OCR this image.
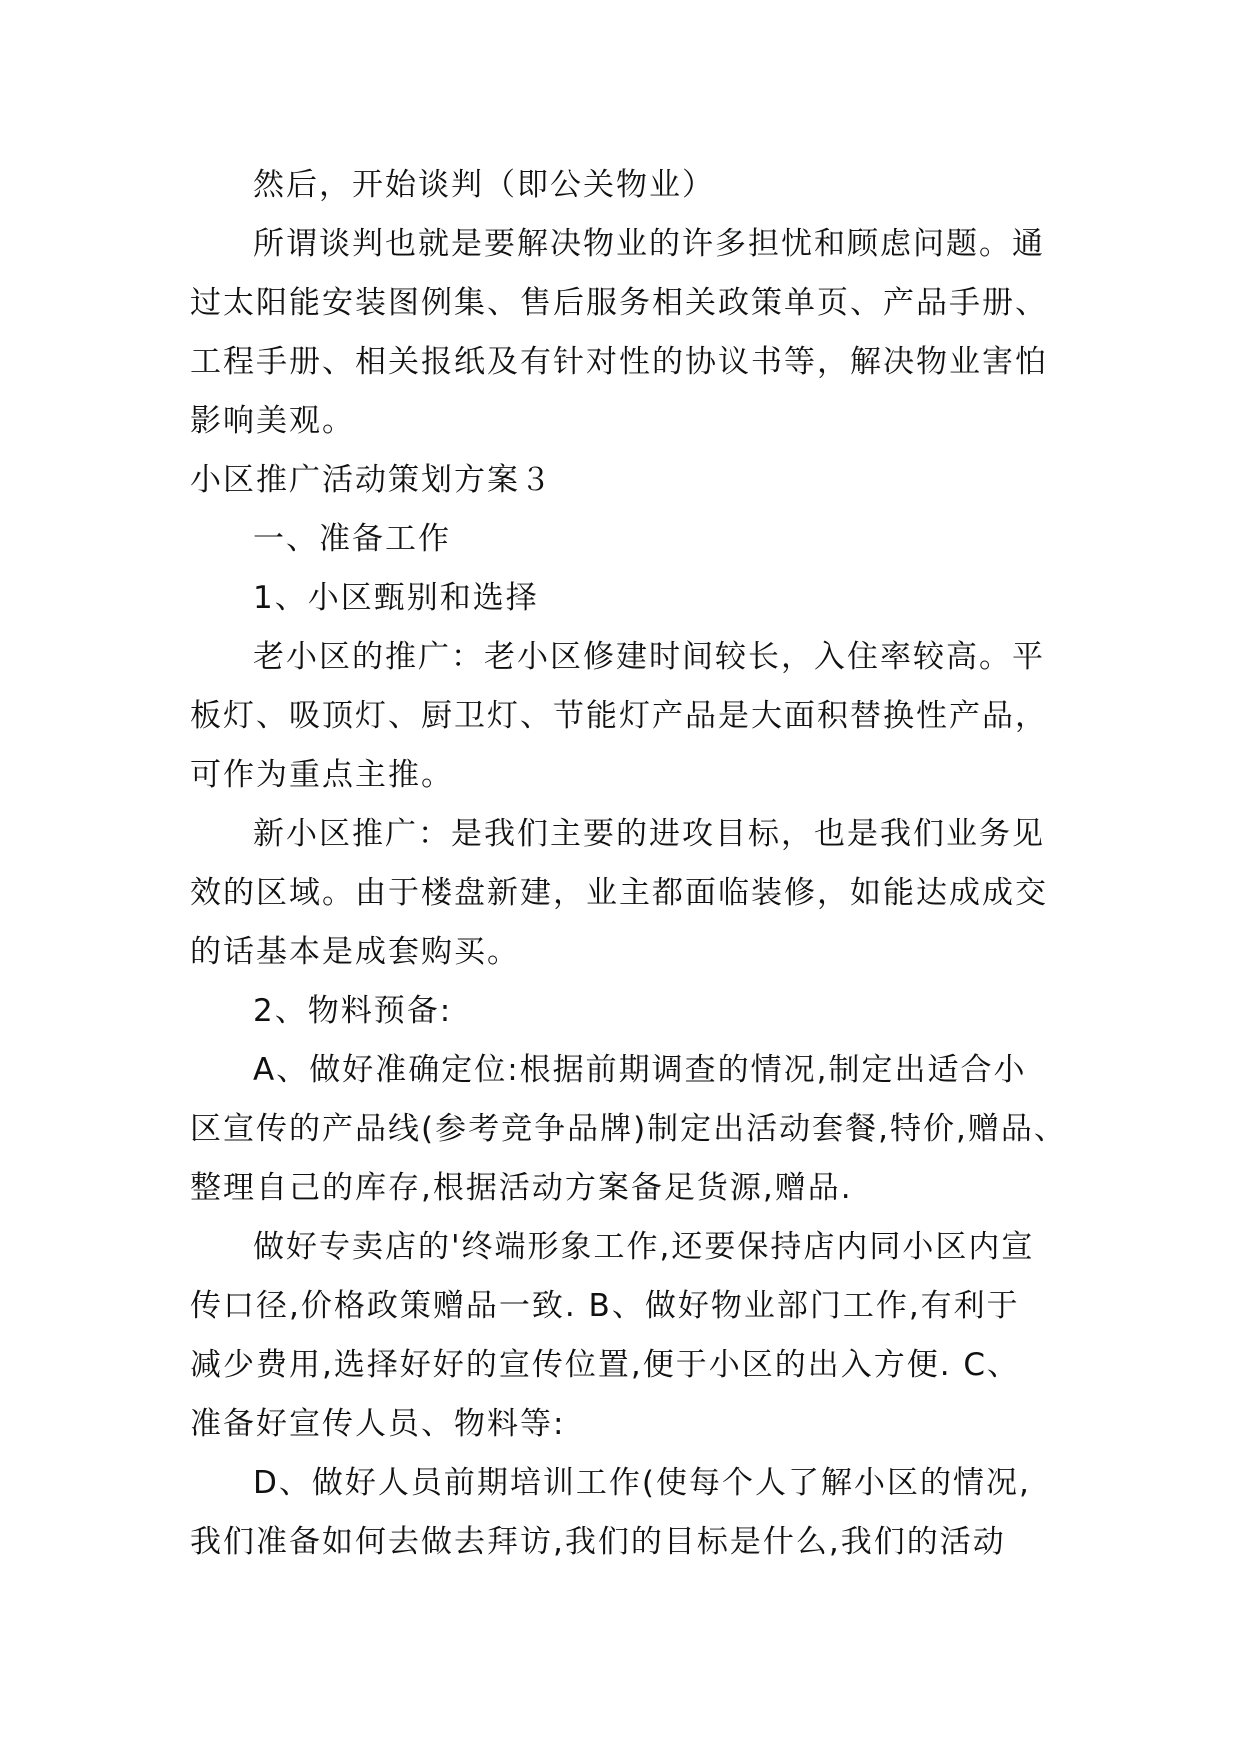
然后，开始谈判（即公关物业）
所谓谈判也就是要解决物业的许多担忧和顾虑问题。通
过太阳能安装图例集、售后服务相关政策单页、产品手册、
工程手册、相关报纸及有针对性的协议书等，解决物业害怕
影响美观。
小区推广活动策划方案３
一、准备工作
1、小区甄别和选择
老小区的推广：老小区修建时间较长，入住率较高。平
板灯、吸顶灯、厨卫灯、节能灯产品是大面积替换性产品，
可作为重点主推。
新小区推广：是我们主要的进攻目标，也是我们业务见
效的区域。由于楼盘新建，业主都面临装修，如能达成成交
的话基本是成套购买。
2、物料预备:
A、做好准确定位:根据前期调查的情况,制定出适合小
区宣传的产品线(参考竞争品牌)制定出活动套餐,特价,赠品、
整理自己的库存,根据活动方案备足货源,赠品.
做好专卖店的'终端形象工作,还要保持店内同小区内宣
传口径,价格政策赠品一致. B、做好物业部门工作,有利于
减少费用,选择好好的宣传位置,便于小区的出入方便. C、
准备好宣传人员、物料等:
D、做好人员前期培训工作(使每个人了解小区的情况,
我们准备如何去做去拜访,我们的目标是什么,我们的活动
